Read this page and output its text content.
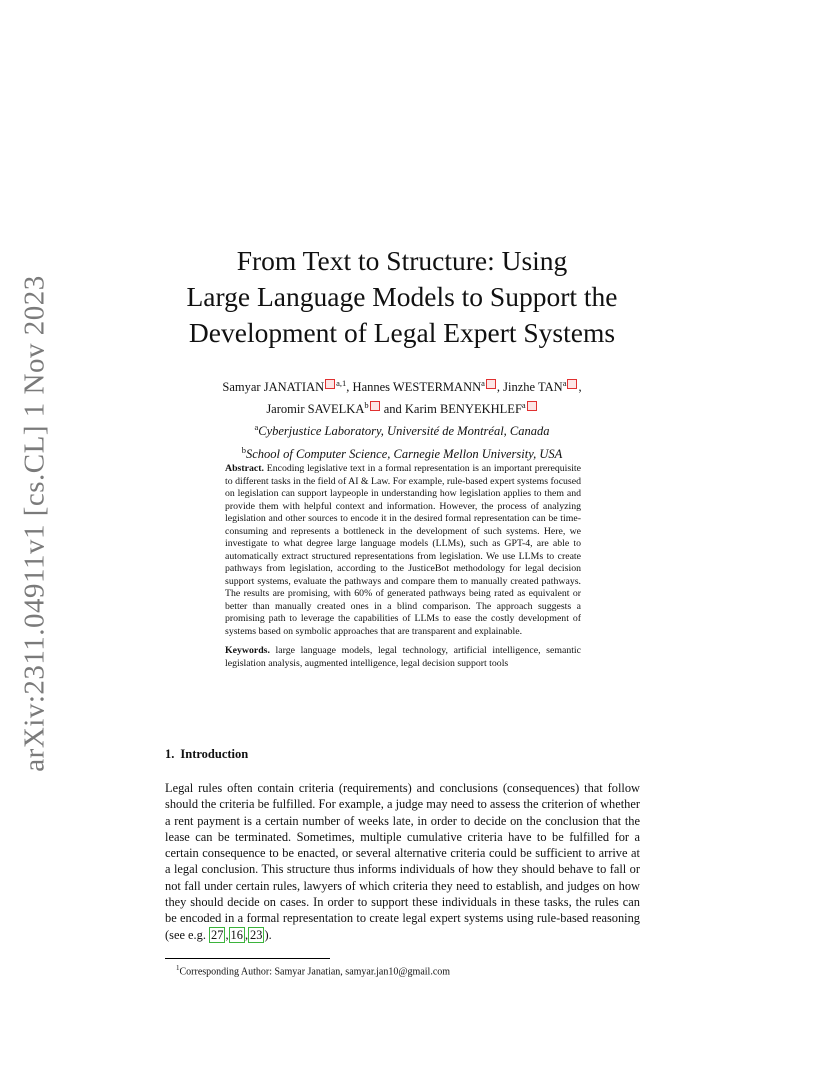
arXiv:2311.04911v1 [cs.CL] 1 Nov 2023
From Text to Structure: Using
Large Language Models to Support the
Development of Legal Expert Systems
Samyar JANATIAN $^{a,1}$, Hannes WESTERMANN$^a$ , Jinzhe TAN$^a$ ,
Jaromir SAVELKA$^b$ and Karim BENYEKHLEF$^a$
$^a$Cyberjustice Laboratory, Université de Montréal, Canada
$^b$School of Computer Science, Carnegie Mellon University, USA

Abstract. Encoding legislative text in a formal representation is an important prerequisite to different tasks in the field of AI & Law. For example, rule-based expert systems focused on legislation can support laypeople in understanding how legislation applies to them and provide them with helpful context and information. However, the process of analyzing legislation and other sources to encode it in the desired formal representation can be time-consuming and represents a bottleneck in the development of such systems. Here, we investigate to what degree large language models (LLMs), such as GPT-4, are able to automatically extract structured representations from legislation. We use LLMs to create pathways from legislation, according to the JusticeBot methodology for legal decision support systems, evaluate the pathways and compare them to manually created pathways. The results are promising, with 60% of generated pathways being rated as equivalent or better than manually created ones in a blind comparison. The approach suggests a promising path to leverage the capabilities of LLMs to ease the costly development of systems based on symbolic approaches that are transparent and explainable.

Keywords. large language models, legal technology, artificial intelligence, semantic legislation analysis, augmented intelligence, legal decision support tools

1. Introduction

Legal rules often contain criteria (requirements) and conclusions (consequences) that follow should the criteria be fulfilled. For example, a judge may need to assess the criterion of whether a rent payment is a certain number of weeks late, in order to decide on the conclusion that the lease can be terminated. Sometimes, multiple cumulative criteria have to be fulfilled for a certain consequence to be enacted, or several alternative criteria could be sufficient to arrive at a legal conclusion. This structure thus informs individuals of how they should behave to fall or not fall under certain rules, lawyers of which criteria they need to establish, and judges on how they should decide on cases. In order to support these individuals in these tasks, the rules can be encoded in a formal representation to create legal expert systems using rule-based reasoning (see e.g. 27 , 16 , 23 ).

$^1$Corresponding Author: Samyar Janatian, samyar.jan10@gmail.com
